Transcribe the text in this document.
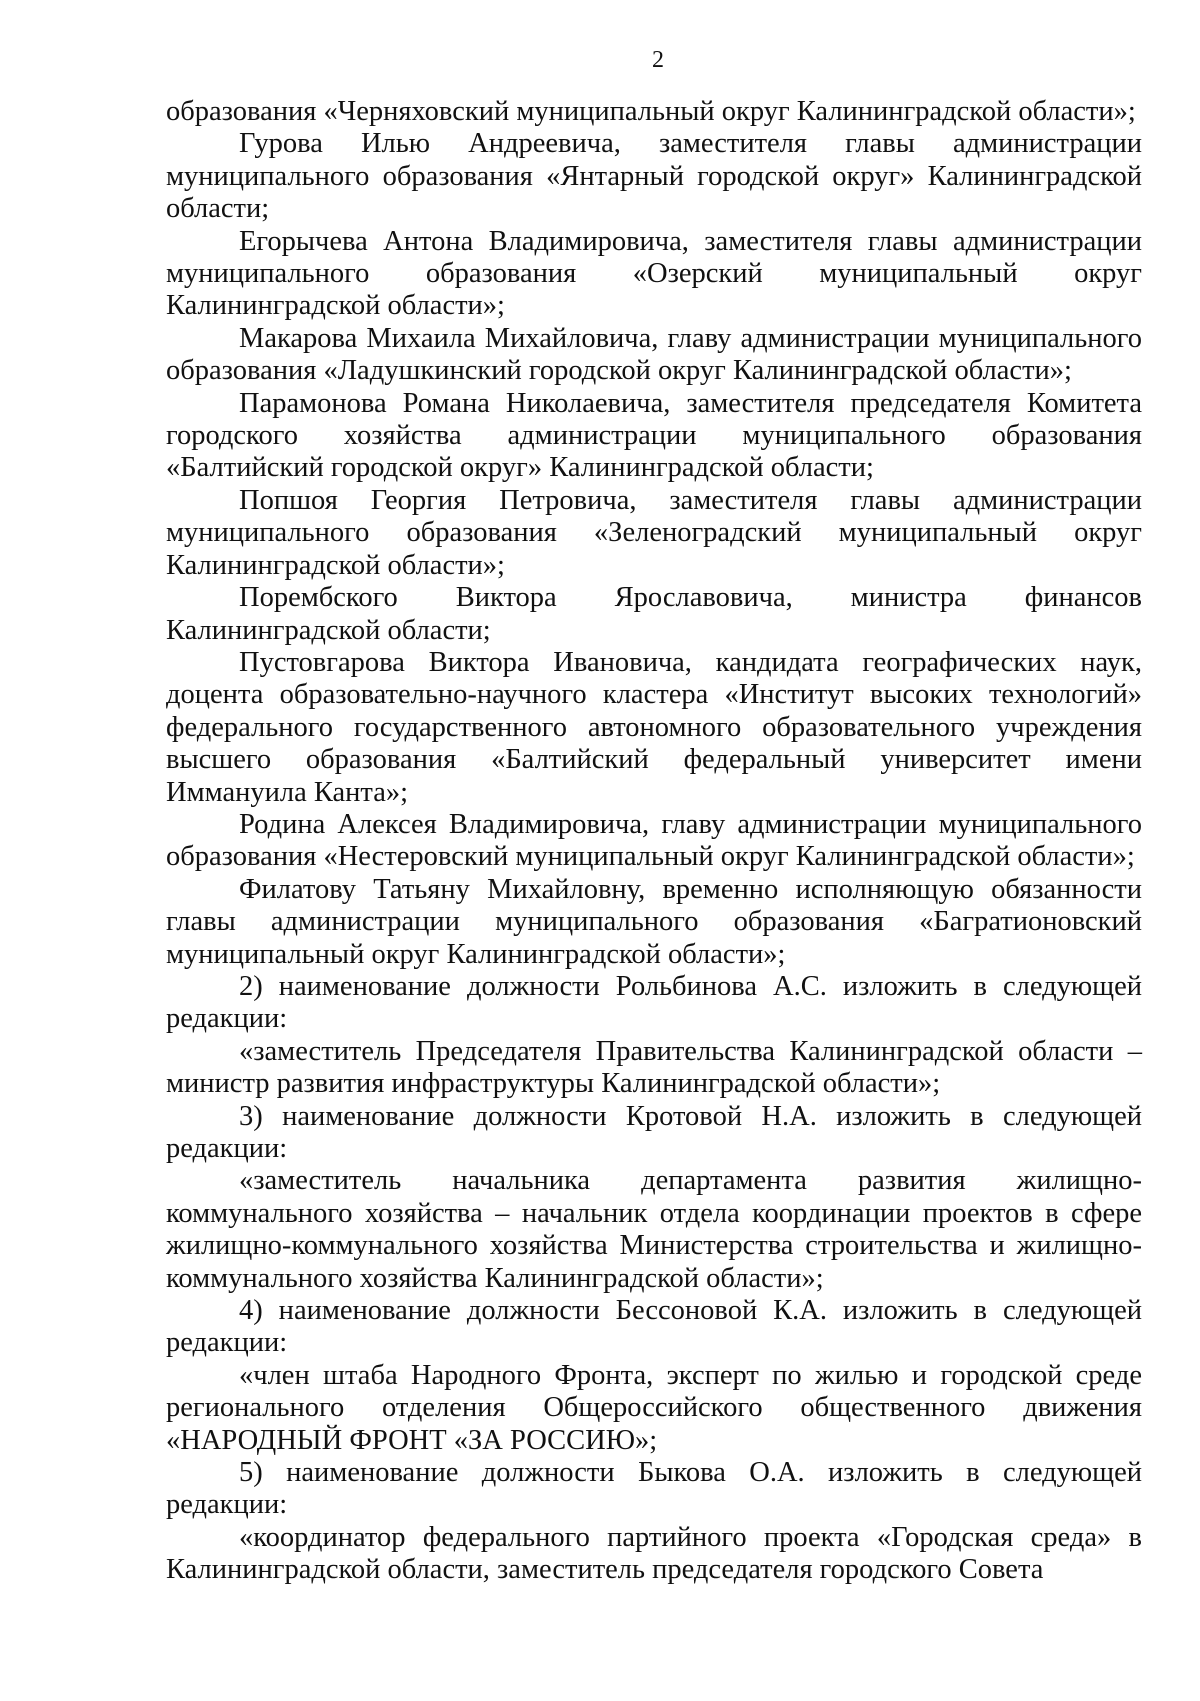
2

образования «Черняховский муниципальный округ Калининградской области»;

Гурова Илью Андреевича, заместителя главы администрации муниципального образования «Янтарный городской округ» Калининградской области;

Егорычева Антона Владимировича, заместителя главы администрации муниципального образования «Озерский муниципальный округ Калининградской области»;

Макарова Михаила Михайловича, главу администрации муниципального образования «Ладушкинский городской округ Калининградской области»;

Парамонова Романа Николаевича, заместителя председателя Комитета городского хозяйства администрации муниципального образования «Балтийский городской округ» Калининградской области;

Попшоя Георгия Петровича, заместителя главы администрации муниципального образования «Зеленоградский муниципальный округ Калининградской области»;

Порембского Виктора Ярославовича, министра финансов Калининградской области;

Пустовгарова Виктора Ивановича, кандидата географических наук, доцента образовательно-научного кластера «Институт высоких технологий» федерального государственного автономного образовательного учреждения высшего образования «Балтийский федеральный университет имени Иммануила Канта»;

Родина Алексея Владимировича, главу администрации муниципального образования «Нестеровский муниципальный округ Калининградской области»;

Филатову Татьяну Михайловну, временно исполняющую обязанности главы администрации муниципального образования «Багратионовский муниципальный округ Калининградской области»;

2) наименование должности Рольбинова А.С. изложить в следующей редакции:

«заместитель Председателя Правительства Калининградской области – министр развития инфраструктуры Калининградской области»;

3) наименование должности Кротовой Н.А. изложить в следующей редакции:

«заместитель начальника департамента развития жилищно-коммунального хозяйства – начальник отдела координации проектов в сфере жилищно-коммунального хозяйства Министерства строительства и жилищно-коммунального хозяйства Калининградской области»;

4) наименование должности Бессоновой К.А. изложить в следующей редакции:

«член штаба Народного Фронта, эксперт по жилью и городской среде регионального отделения Общероссийского общественного движения «НАРОДНЫЙ ФРОНТ «ЗА РОССИЮ»;

5) наименование должности Быкова О.А. изложить в следующей редакции:

«координатор федерального партийного проекта «Городская среда» в Калининградской области, заместитель председателя городского Совета
